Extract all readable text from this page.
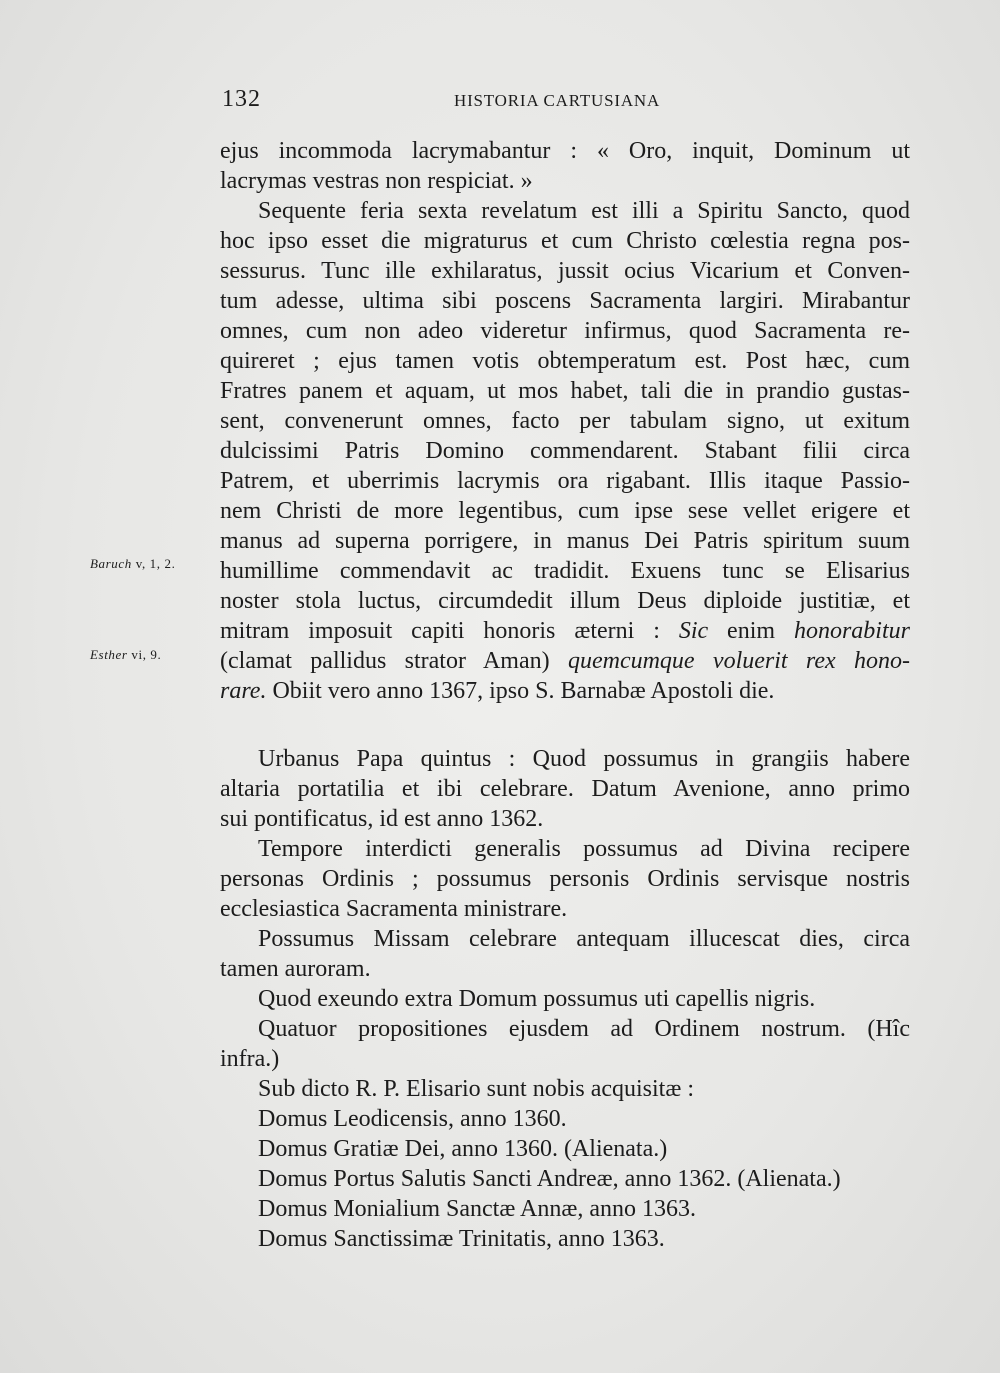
132	HISTORIA CARTUSIANA
Baruch v, 1, 2.
Esther vi, 9.
ejus incommoda lacrymabantur : « Oro, inquit, Dominum ut
lacrymas vestras non respiciat. »
Sequente feria sexta revelatum est illi a Spiritu Sancto, quod
hoc ipso esset die migraturus et cum Christo cœlestia regna pos-
sessurus. Tunc ille exhilaratus, jussit ocius Vicarium et Conven-
tum adesse, ultima sibi poscens Sacramenta largiri. Mirabantur
omnes, cum non adeo videretur infirmus, quod Sacramenta re-
quireret ; ejus tamen votis obtemperatum est. Post hæc, cum
Fratres panem et aquam, ut mos habet, tali die in prandio gustas-
sent, convenerunt omnes, facto per tabulam signo, ut exitum
dulcissimi Patris Domino commendarent. Stabant filii circa
Patrem, et uberrimis lacrymis ora rigabant. Illis itaque Passio-
nem Christi de more legentibus, cum ipse sese vellet erigere et
manus ad superna porrigere, in manus Dei Patris spiritum suum
humillime commendavit ac tradidit. Exuens tunc se Elisarius
noster stola luctus, circumdedit illum Deus diploide justitiæ, et
mitram imposuit capiti honoris æterni : Sic enim honorabitur
(clamat pallidus strator Aman) quemcumque voluerit rex hono-
rare. Obiit vero anno 1367, ipso S. Barnabæ Apostoli die.
Urbanus Papa quintus : Quod possumus in grangiis habere
altaria portatilia et ibi celebrare. Datum Avenione, anno primo
sui pontificatus, id est anno 1362.
Tempore interdicti generalis possumus ad Divina recipere
personas Ordinis ; possumus personis Ordinis servisque nostris
ecclesiastica Sacramenta ministrare.
Possumus Missam celebrare antequam illucescat dies, circa
tamen auroram.
Quod exeundo extra Domum possumus uti capellis nigris.
Quatuor propositiones ejusdem ad Ordinem nostrum. (Hîc
infra.)
Sub dicto R. P. Elisario sunt nobis acquisitæ :
Domus Leodicensis, anno 1360.
Domus Gratiæ Dei, anno 1360. (Alienata.)
Domus Portus Salutis Sancti Andreæ, anno 1362. (Alienata.)
Domus Monialium Sanctæ Annæ, anno 1363.
Domus Sanctissimæ Trinitatis, anno 1363.
